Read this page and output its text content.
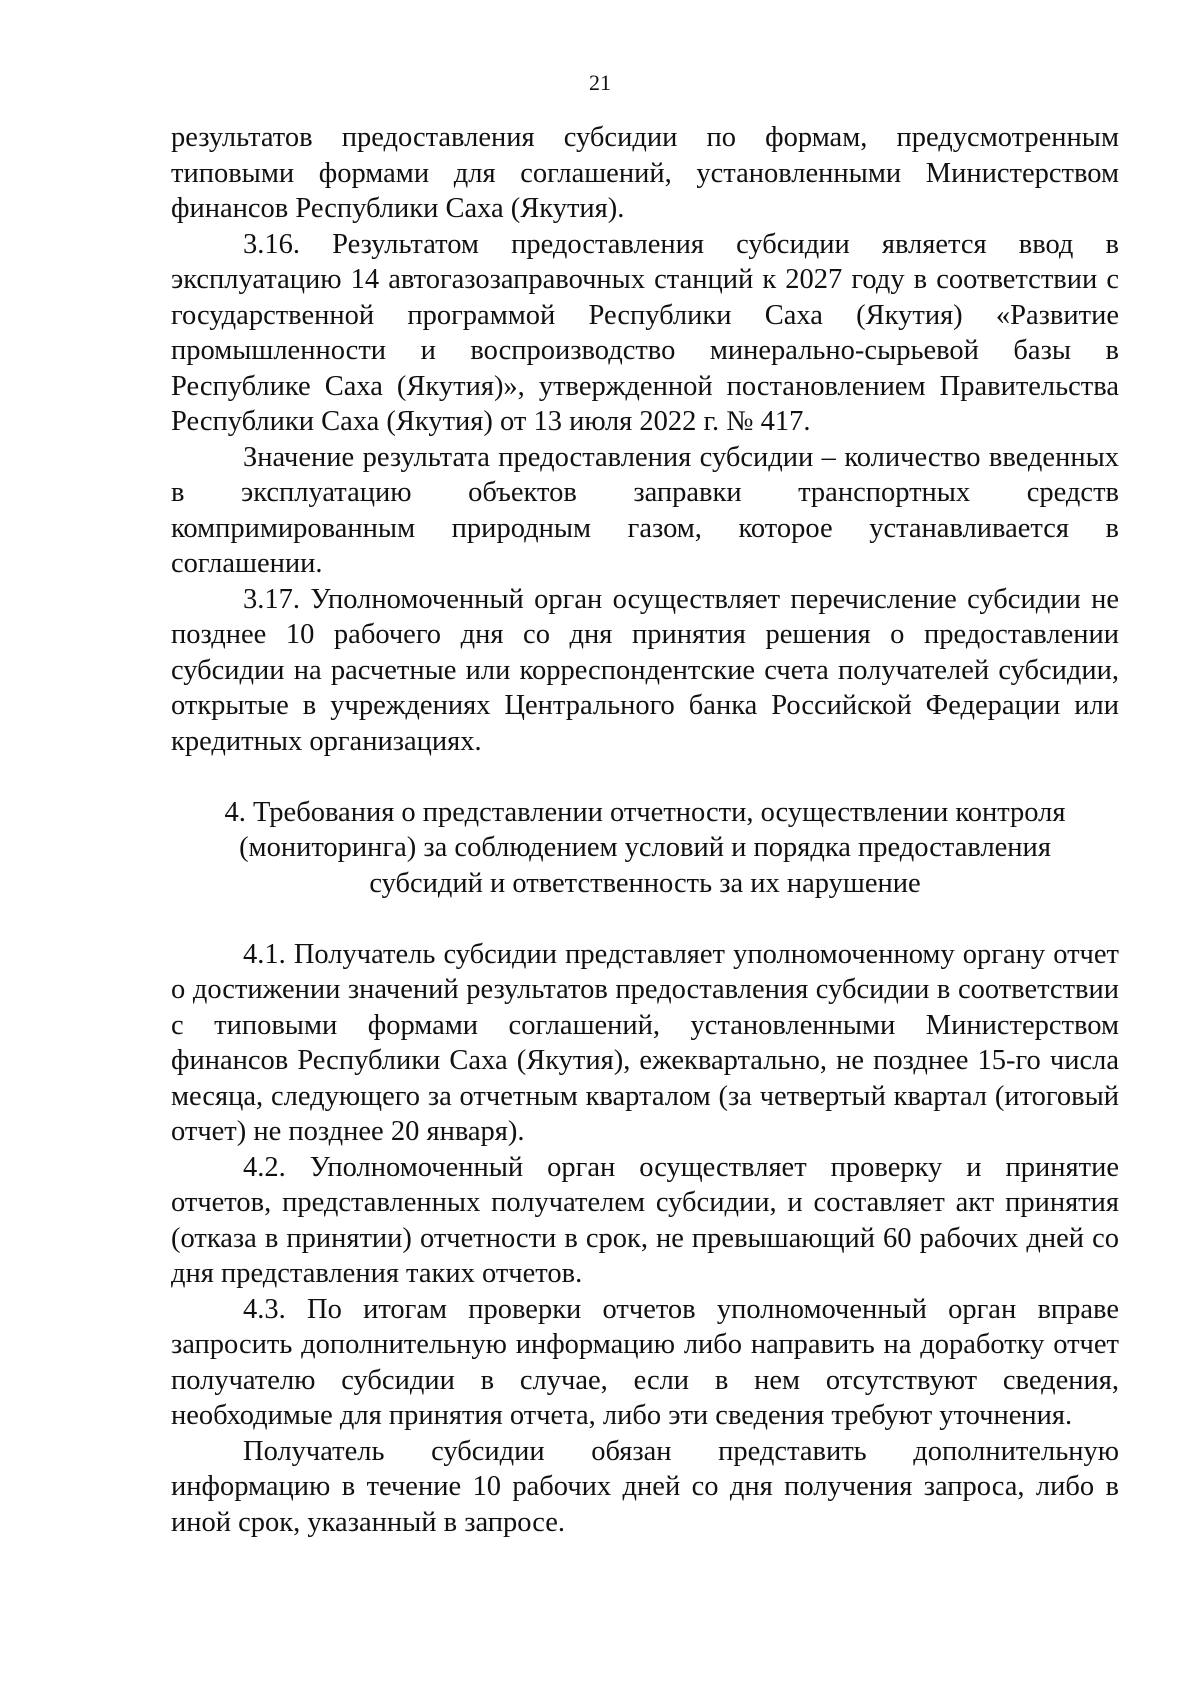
21

результатов предоставления субсидии по формам, предусмотренным типовыми формами для соглашений, установленными Министерством финансов Республики Саха (Якутия).

3.16. Результатом предоставления субсидии является ввод в эксплуатацию 14 автогазозаправочных станций к 2027 году в соответствии с государственной программой Республики Саха (Якутия) «Развитие промышленности и воспроизводство минерально-сырьевой базы в Республике Саха (Якутия)», утвержденной постановлением Правительства Республики Саха (Якутия) от 13 июля 2022 г. № 417.

Значение результата предоставления субсидии – количество введенных в эксплуатацию объектов заправки транспортных средств компримированным природным газом, которое устанавливается в соглашении.

3.17. Уполномоченный орган осуществляет перечисление субсидии не позднее 10 рабочего дня со дня принятия решения о предоставлении субсидии на расчетные или корреспондентские счета получателей субсидии, открытые в учреждениях Центрального банка Российской Федерации или кредитных организациях.

4. Требования о представлении отчетности, осуществлении контроля (мониторинга) за соблюдением условий и порядка предоставления субсидий и ответственность за их нарушение

4.1. Получатель субсидии представляет уполномоченному органу отчет о достижении значений результатов предоставления субсидии в соответствии с типовыми формами соглашений, установленными Министерством финансов Республики Саха (Якутия), ежеквартально, не позднее 15-го числа месяца, следующего за отчетным кварталом (за четвертый квартал (итоговый отчет) не позднее 20 января).

4.2. Уполномоченный орган осуществляет проверку и принятие отчетов, представленных получателем субсидии, и составляет акт принятия (отказа в принятии) отчетности в срок, не превышающий 60 рабочих дней со дня представления таких отчетов.

4.3. По итогам проверки отчетов уполномоченный орган вправе запросить дополнительную информацию либо направить на доработку отчет получателю субсидии в случае, если в нем отсутствуют сведения, необходимые для принятия отчета, либо эти сведения требуют уточнения.

Получатель субсидии обязан представить дополнительную информацию в течение 10 рабочих дней со дня получения запроса, либо в иной срок, указанный в запросе.
